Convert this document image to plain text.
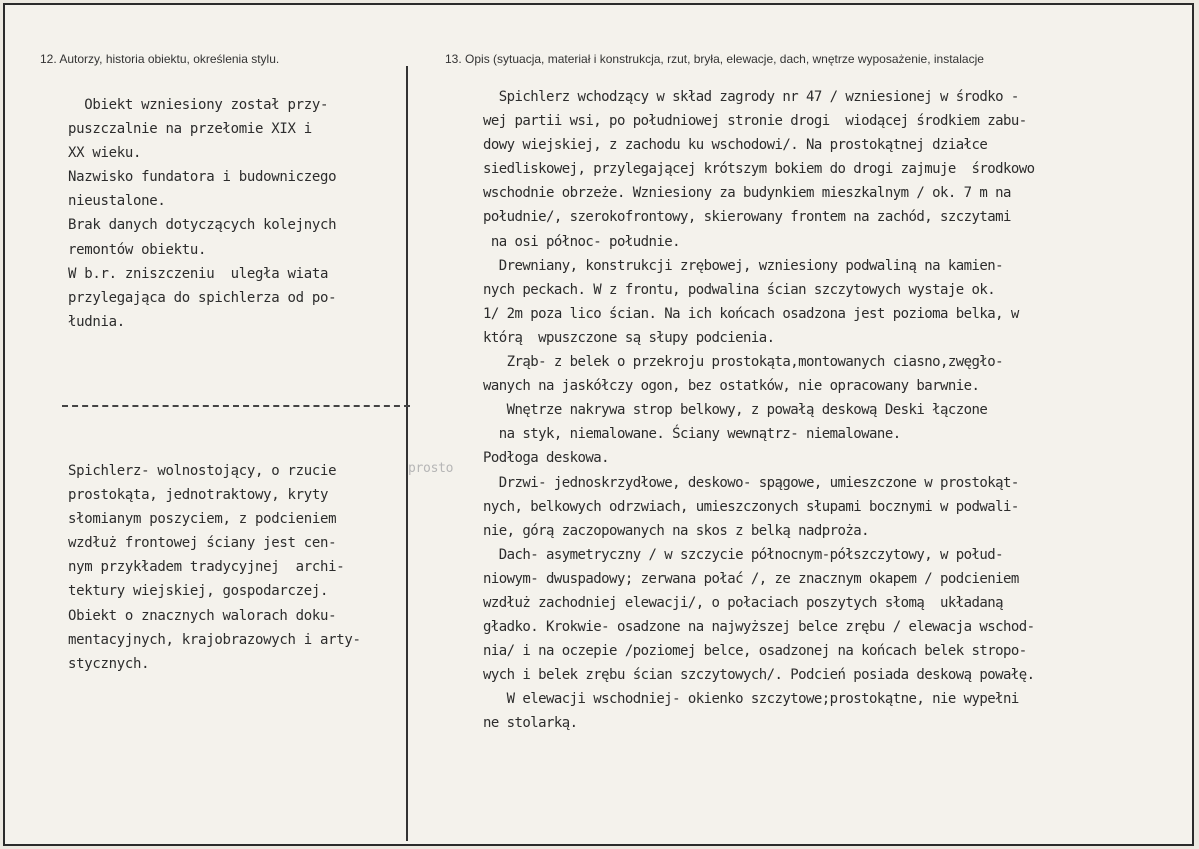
12. Autorzy, historia obiektu, określenia stylu.	13. Opis (sytuacja, materiał i konstrukcja, rzut, bryła, elewacje, dach, wnętrze wyposażenie, instalacje
Obiekt wzniesiony został przy-
puszczalnie na przełomie XIX i
XX wieku.
Nazwisko fundatora i budowniczego
nieustalone.
Brak danych dotyczących kolejnych
remontów obiektu.
W b.r. zniszczeniu  uległa wiata
przylegająca do spichlerza od po-
łudnia.
Spichlerz- wolnostojący, o rzucie
prostokąta, jednotraktowy, kryty
słomianym poszyciem, z podcieniem
wzdłuż frontowej ściany jest cen-
nym przykładem tradycyjnej  archi-
tektury wiejskiej, gospodarczej.
Obiekt o znacznych walorach doku-
mentacyjnych, krajobrazowych i arty-
stycznych.
prosto
Spichlerz wchodzący w skład zagrody nr 47 / wzniesionej w środko -
wej partii wsi, po południowej stronie drogi  wiodącej środkiem zabu-
dowy wiejskiej, z zachodu ku wschodowi/. Na prostokątnej działce
siedliskowej, przylegającej krótszym bokiem do drogi zajmuje  środkowo
wschodnie obrzeże. Wzniesiony za budynkiem mieszkalnym / ok. 7 m na
południe/, szerokofrontowy, skierowany frontem na zachód, szczytami
na osi północ- południe.
Drewniany, konstrukcji zrębowej, wzniesiony podwaliną na kamien-
nych peckach. W z frontu, podwalina ścian szczytowych wystaje ok.
1/ 2m poza lico ścian. Na ich końcach osadzona jest pozioma belka, w
którą  wpuszczone są słupy podcienia.
Zrąb- z belek o przekroju prostokąta,montowanych ciasno,zwęgło-
wanych na jaskółczy ogon, bez ostatków, nie opracowany barwnie.
Wnętrze nakrywa strop belkowy, z powałą deskową Deski łączone
na styk, niemalowane. Ściany wewnątrz- niemalowane.
Podłoga deskowa.
Drzwi- jednoskrzydłowe, deskowo- spągowe, umieszczone w prostokąt-
nych, belkowych odrzwiach, umieszczonych słupami bocznymi w podwali-
nie, górą zaczopowanych na skos z belką nadproża.
Dach- asymetryczny / w szczycie północnym-półszczytowy, w połud-
niowym- dwuspadowy; zerwana połać /, ze znacznym okapem / podcieniem
wzdłuż zachodniej elewacji/, o połaciach poszytych słomą  układaną
gładko. Krokwie- osadzone na najwyższej belce zrębu / elewacja wschod-
nia/ i na oczepie /poziomej belce, osadzonej na końcach belek stropo-
wych i belek zrębu ścian szczytowych/. Podcień posiada deskową powałę.
W elewacji wschodniej- okienko szczytowe;prostokątne, nie wypełni
ne stolarką.
